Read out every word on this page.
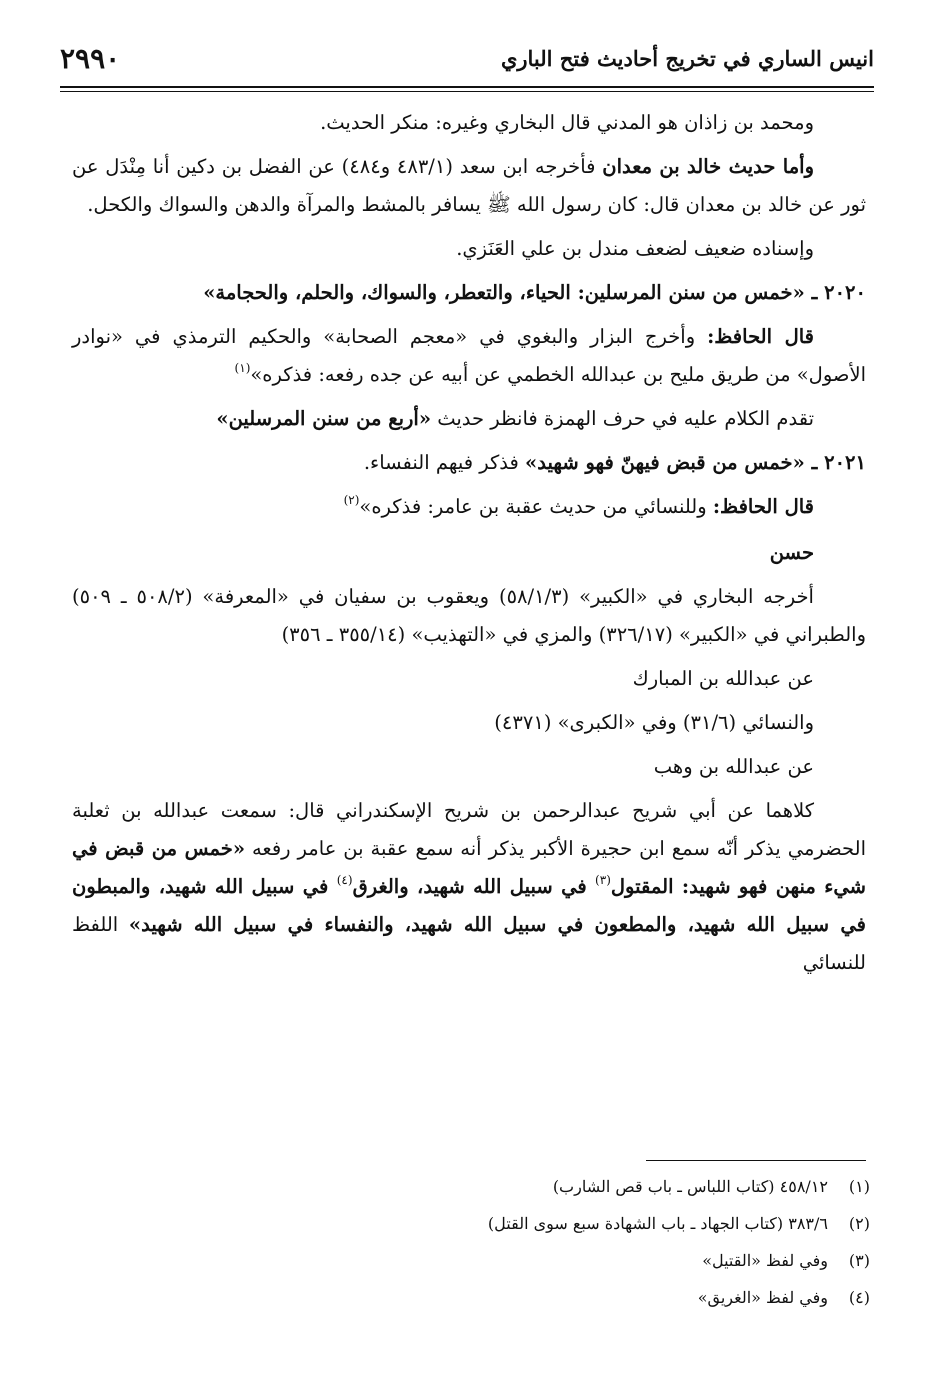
انيس الساري في تخريج أحاديث فتح الباري
٢٩٩٠

ومحمد بن زاذان هو المدني قال البخاري وغيره: منكر الحديث.

وأما حديث خالد بن معدان فأخرجه ابن سعد (٤٨٣/١ و٤٨٤) عن الفضل بن دكين أنا مِنْدَل عن ثور عن خالد بن معدان قال: كان رسول الله ﷺ يسافر بالمشط والمرآة والدهن والسواك والكحل.

وإسناده ضعيف لضعف مندل بن علي العَنَزي.

٢٠٢٠ ـ «خمس من سنن المرسلين: الحياء، والتعطر، والسواك، والحلم، والحجامة»

قال الحافظ: وأخرج البزار والبغوي في «معجم الصحابة» والحكيم الترمذي في «نوادر الأصول» من طريق مليح بن عبدالله الخطمي عن أبيه عن جده رفعه: فذكره»$^{(١)}$

تقدم الكلام عليه في حرف الهمزة فانظر حديث «أربع من سنن المرسلين»

٢٠٢١ ـ «خمس من قبض فيهنّ فهو شهيد» فذكر فيهم النفساء.

قال الحافظ: وللنسائي من حديث عقبة بن عامر: فذكره»$^{(٢)}$

حسن

أخرجه البخاري في «الكبير» (٥٨/١/٣) ويعقوب بن سفيان في «المعرفة» (٥٠٨/٢ ـ ٥٠٩) والطبراني في «الكبير» (٣٢٦/١٧) والمزي في «التهذيب» (٣٥٥/١٤ ـ ٣٥٦)

عن عبدالله بن المبارك

والنسائي (٣١/٦) وفي «الكبرى» (٤٣٧١)

عن عبدالله بن وهب

كلاهما عن أبي شريح عبدالرحمن بن شريح الإسكندراني قال: سمعت عبدالله بن ثعلبة الحضرمي يذكر أنّه سمع ابن حجيرة الأكبر يذكر أنه سمع عقبة بن عامر رفعه «خمس من قبض في شيء منهن فهو شهيد: المقتول$^{(٣)}$ في سبيل الله شهيد، والغرق$^{(٤)}$ في سبيل الله شهيد، والمبطون في سبيل الله شهيد، والمطعون في سبيل الله شهيد، والنفساء في سبيل الله شهيد» اللفظ للنسائي

(١)
٤٥٨/١٢ (كتاب اللباس ـ باب قص الشارب)
(٢)
٣٨٣/٦ (كتاب الجهاد ـ باب الشهادة سبع سوى القتل)
(٣)
وفي لفظ «القتيل»
(٤)
وفي لفظ «الغريق»
